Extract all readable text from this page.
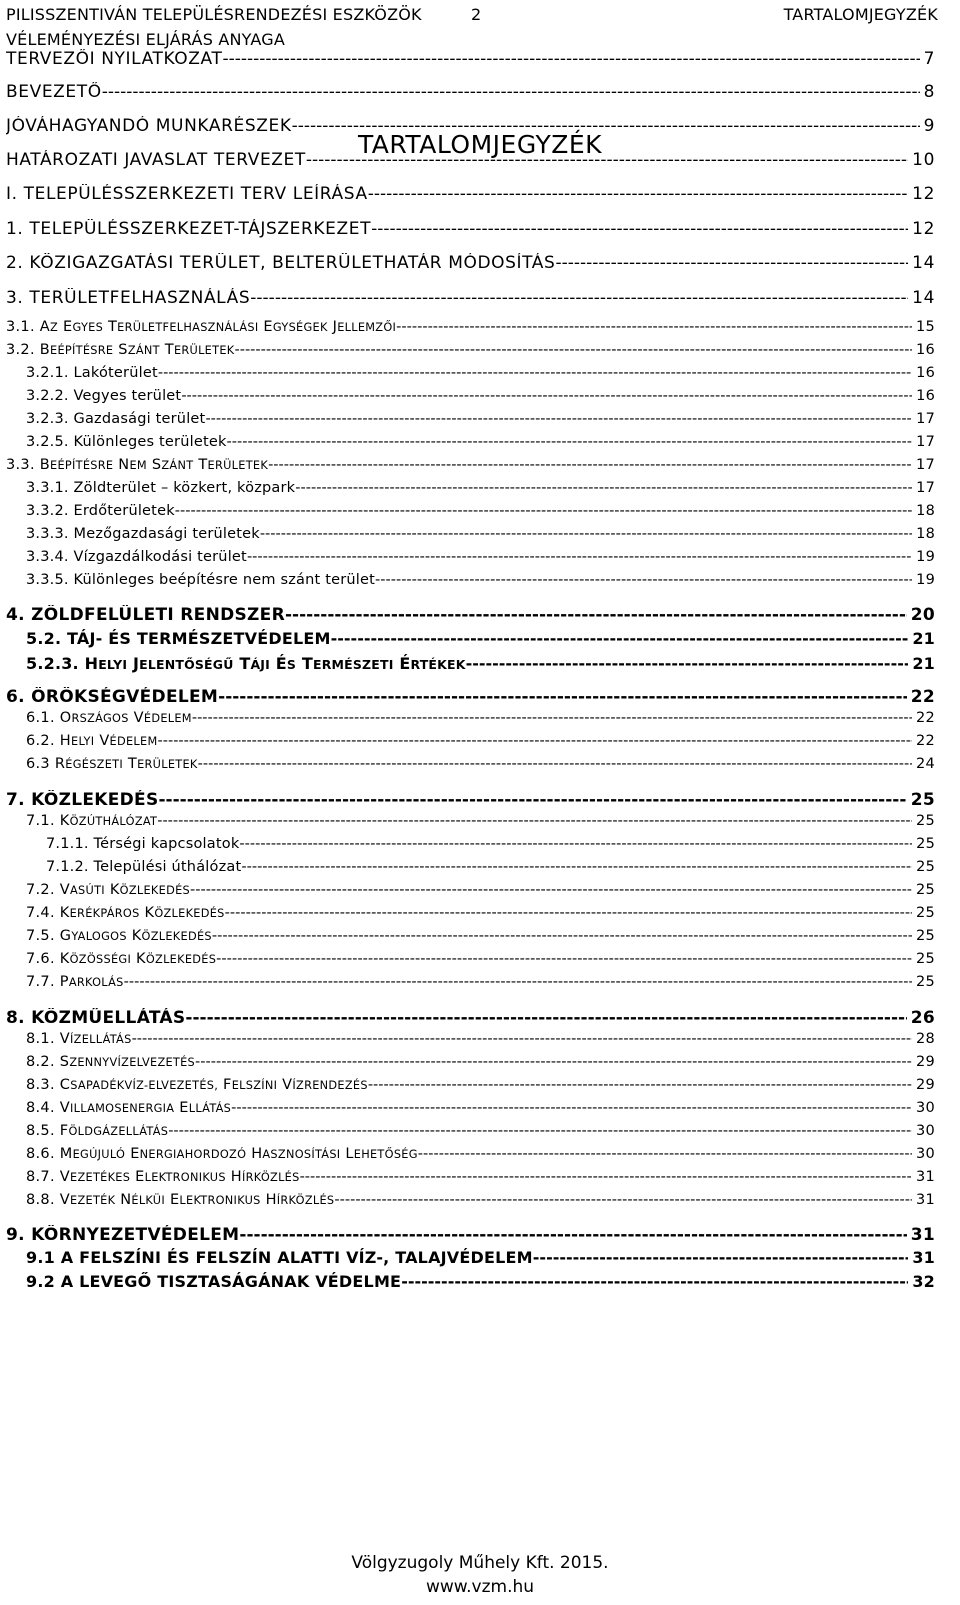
PILISSZENTIVÁN TELEPÜLÉSRENDEZÉSI ESZKÖZÖK	2	TARTALOMJEGYZÉK
VÉLEMÉNYEZÉSI ELJÁRÁS ANYAGA
TARTALOMJEGYZÉK
TERVEZŐI NYILATKOZAT -----	7
BEVEZETŐ -----	8
JÓVÁHAGYANDÓ MUNKARÉSZEK -----	9
HATÁROZATI JAVASLAT TERVEZET -----	10
I. TELEPÜLÉSSZERKEZETI TERV LEÍRÁSA -----	12
1. TELEPÜLÉSSZERKEZET-TÁJSZERKEZET -----	12
2. KÖZIGAZGATÁSI TERÜLET, BELTERÜLETHATÁR MÓDOSÍTÁS -----	14
3. TERÜLETFELHASZNÁLÁS -----	14
3.1. AZ EGYES TERÜLETFELHASZNÁLÁSI EGYSÉGEK JELLEMZŐI -----	15
3.2. BEÉPÍTÉSRE SZÁNT TERÜLETEK -----	16
3.2.1. Lakóterület -----	16
3.2.2. Vegyes terület -----	16
3.2.3. Gazdasági terület -----	17
3.2.5. Különleges területek -----	17
3.3. BEÉPÍTÉSRE NEM SZÁNT TERÜLETEK -----	17
3.3.1. Zöldterület – közkert, közpark -----	17
3.3.2. Erdőterületek -----	18
3.3.3. Mezőgazdasági területek -----	18
3.3.4. Vízgazdálkodási terület -----	19
3.3.5. Különleges beépítésre nem szánt terület -----	19
4. ZÖLDFELÜLETI RENDSZER -----	20
5.2. TÁJ- ÉS TERMÉSZETVÉDELEM -----	21
5.2.3. HELYI JELENTŐSÉGŰ TÁJI ÉS TERMÉSZETI ÉRTÉKEK -----	21
6. ÖRÖKSÉGVÉDELEM -----	22
6.1. ORSZÁGOS VÉDELEM -----	22
6.2. HELYI VÉDELEM -----	22
6.3 RÉGÉSZETI TERÜLETEK -----	24
7. KÖZLEKEDÉS -----	25
7.1. KÖZÚTHÁLÓZAT -----	25
7.1.1. Térségi kapcsolatok -----	25
7.1.2. Települési úthálózat -----	25
7.2. VASÚTI KÖZLEKEDÉS -----	25
7.4. KERÉKPÁROS KÖZLEKEDÉS -----	25
7.5. GYALOGOS KÖZLEKEDÉS -----	25
7.6. KÖZÖSSÉGI KÖZLEKEDÉS -----	25
7.7. PARKOLÁS -----	25
8. KÖZMŰELLÁTÁS -----	26
8.1. VÍZELLÁTÁS -----	28
8.2. SZENNYVÍZELVEZETÉS -----	29
8.3. CSAPADÉKVÍZ-ELVEZETÉS, FELSZÍNI VÍZRENDEZÉS -----	29
8.4. VILLAMOSENERGIA ELLÁTÁS -----	30
8.5. FÖLDGÁZELLÁTÁS -----	30
8.6. MEGÚJULÓ ENERGIAHORDOZÓ HASZNOSÍTÁSI LEHETŐSÉG -----	30
8.7. VEZETÉKES ELEKTRONIKUS HÍRKÖZLÉS -----	31
8.8. VEZETÉK NÉLKÜI ELEKTRONIKUS HÍRKÖZLÉS -----	31
9. KÖRNYEZETVÉDELEM -----	31
9.1 A FELSZÍNI ÉS FELSZÍN ALATTI VÍZ-, TALAJVÉDELEM -----	31
9.2 A LEVEGŐ TISZTASÁGÁNAK VÉDELME -----	32
Völgyzugoly Műhely Kft. 2015.
www.vzm.hu
